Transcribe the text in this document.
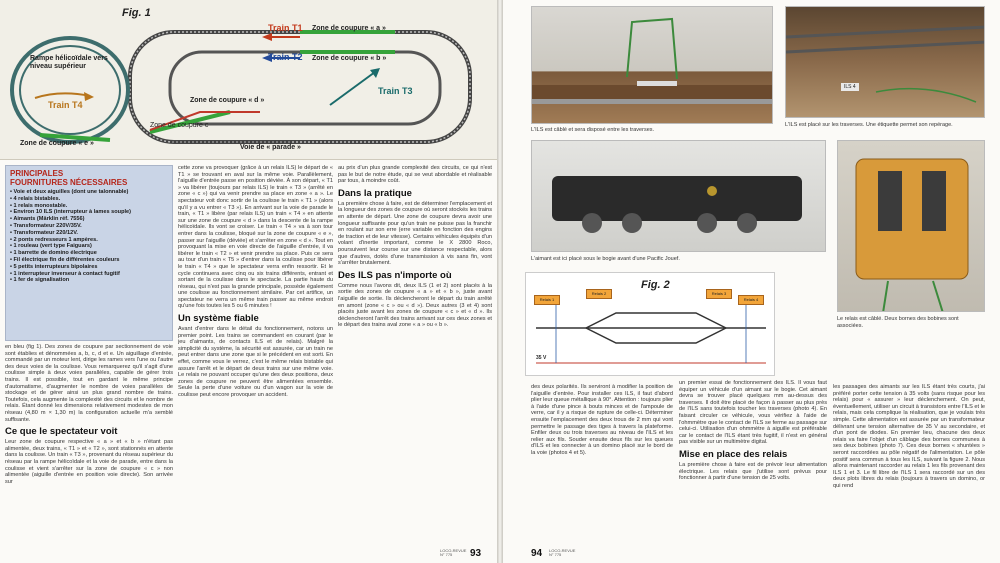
Fig. 1
Rampe hélicoïdale vers
niveau supérieur
Train T1 Zone de coupure « a »
Train T2 Zone de coupure « b »
Train T3
Train T4	Zone de coupure « d »
Zone de coupure c
Zone de coupure « e »
Voie de « parade »
PRINCIPALES
FOURNITURES NÉCESSAIRES
• Voie et deux aiguilles (dont une talonnable)
• 4 relais bistables.
• 1 relais monostable.
• Environ 10 ILS (interrupteur à lames souple)
• Aimants (Märklin réf. 7556)
• Transformateur 220V/35V.
• Transformateur 220/12V.
• 2 ponts redresseurs 1 ampères.
• 1 rouleau (vert type Faiguars)
• 1 barrette de domino électrique
• Fil électrique fin de différentes couleurs
• 5 petits interrupteurs bipolaires
• 1 interrupteur inverseur à contact fugitif
• 1 fer de signalisation

en bleu (fig 1). Des zones de coupure par sectionnement de voie sont établies et dénommées a, b, c, d et e. Un aiguillage d'entrée, commandé par un moteur lent, dirige les rames vers l'une ou l'autre des deux voies de la coulisse. Vous remarquerez qu'il s'agit d'une coulisse simple à deux voies parallèles, capable de gérer trois trains. Il est possible, tout en gardant le même principe d'automatisme, d'augmenter le nombre de voies parallèles de stockage et de gérer ainsi un plus grand nombre de trains. Toutefois, cela augmente la complexité des circuits et le nombre de relais. Étant donné les dimensions relativement modestes de mon réseau (4,80 m × 1,30 m) la configuration actuelle m'a semblé suffisante.

Ce que le spectateur voit

Leur zone de coupure respective « a » et « b » n'étant pas alimentée, deux trains, « T1 » et « T2 », sont stationnés en attente dans la coulisse. Un train « T3 », provenant du réseau supérieur du réseau par la rampe hélicoïdale et la voie de parade, entre dans la coulisse et vient s'arrêter sur la zone de coupure « c » non alimentée (aiguille d'entrée en position voie directe). Son arrivée sur

cette zone va provoquer (grâce à un relais ILS) le départ de « T1 » se trouvant en aval sur la même voie. Parallèlement, l'aiguille d'entrée passe en position déviée. À son départ, « T1 » va libérer (toujours par relais ILS) le train « T3 » (arrêté en zone « c ») qui va venir prendre sa place en zone « a ». Le spectateur voit donc sortir de la coulisse le train « T1 » (alors qu'il y a vu entrer « T3 »). En arrivant sur la voie de parade le train, « T1 » libère (par relais ILS) un train « T4 » en attente sur une zone de coupure « d » dans la descente de la rampe hélicoïdale. Ils vont se croiser. Le train « T4 » va à son tour entrer dans la coulisse, bloqué sur la zone de coupure « e », passer sur l'aiguille (déviée) et s'arrêter en zone « d ». Tout en provoquant la mise en voie directe de l'aiguille d'entrée, il va libérer le train « T2 » et venir prendre sa place. Puis ce sera au tour d'un train « T5 » d'entrer dans la coulisse pour libérer le train « T4 » que le spectateur verra enfin ressortir. Et le cycle continuera avec cinq ou six trains différents, entrant et sortant de la coulisse dans le spectacle. La partie haute du réseau, qui n'est pas la grande principale, possède également une coulisse au fonctionnement similaire. Par cet artifice, un spectateur ne verra un même train passer au même endroit qu'une fois toutes les 5 ou 6 minutes !

Un système fiable

Avant d'entrer dans le détail du fonctionnement, notons un premier point. Les trains se commandent en courant (par le jeu d'aimants, de contacts ILS et de relais). Malgré la simplicité du système, la sécurité est assurée, car un train ne peut entrer dans une zone que si le précédent en est sorti. En effet, comme vous le verrez, c'est le même relais bistable qui assure l'arrêt et le départ de deux trains sur une même voie. Le relais ne pouvant occuper qu'une des deux positions, deux zones de coupure ne peuvent être alimentées ensemble. Seule la perte d'une voiture ou d'un wagon sur la voie de coulisse peut encore provoquer un accident.

au prix d'un plus grande complexité des circuits, ce qui n'est pas le but de notre étude, qui se veut abordable et réalisable par tous, à moindre coût.

Dans la pratique

La première chose à faire, est de déterminer l'emplacement et la longueur des zones de coupure où seront stockés les trains en attente de départ. Une zone de coupure devra avoir une longueur suffisante pour qu'un train ne puisse pas la franchir en roulant sur son erre (erre variable en fonction des engins de traction et de leur vitesse). Certains véhicules équipés d'un volant d'inertie important, comme le X 2800 Roco, poursuivent leur course sur une distance respectable, alors que d'autres, dotés d'une transmission à vis sans fin, vont s'arrêter brutalement.

Des ILS pas n'importe où

Comme nous l'avons dit, deux ILS (1 et 2) sont placés à la sortie des zones de coupure « a » et « b », juste avant l'aiguille de sortie. Ils déclencheront le départ du train arrêté en amont (zone « c » ou « d »). Deux autres (3 et 4) sont placés juste avant les zones de coupure « c » et « d ». Ils déclencheront l'arrêt des trains arrivant sur ces deux zones et le départ des trains aval zone « a » ou « b ».

LOCO-REVUE
N° 775	93
L'ILS est câblé et sera disposé entre les traverses.
ILS 4
L'ILS est placé sur les traverses. Une étiquette permet son repérage.
L'aimant est ici placé sous le bogie avant d'une Pacific Jouef.
Le relais est câblé. Deux bornes des bobines sont associées.
Fig. 2
Relais 1
Relais 2	Relais 3
Relais 4
35 V

des deux polarités. Ils serviront à modifier la position de l'aiguille d'entrée. Pour installer ces ILS, il faut d'abord plier leur queue métallique à 90°. Attention : toujours plier à l'aide d'une pince à bouts minces et de l'ampoule de verre, car il y a risque de rupture de celle-ci. Déterminer ensuite l'emplacement des deux trous de 2 mm qui vont permettre le passage des tiges à travers la plateforme. Enfiler deux ou trois traverses au niveau de l'ILS et les relier aux fils. Souder ensuite deux fils sur les queues d'ILS et les connecter à un domino placé sur le bord de la voie (photos 4 et 5).

un premier essai de fonctionnement des ILS. Il vous faut équiper un véhicule d'un aimant sur le bogie. Cet aimant devra se trouver placé quelques mm au-dessus des traverses. Il doit être placé de façon à passer au plus près de l'ILS sans toutefois toucher les traverses (photo 4). En faisant circuler ce véhicule, vous vérifiez à l'aide de l'ohmmètre que le contact de l'ILS se ferme au passage sur celui-ci. Utilisation d'un ohmmètre à aiguille est préférable car le contact de l'ILS étant très fugitif, il n'est en général pas visible sur un multimètre digital.

Mise en place des relais

La première chose à faire est de prévoir leur alimentation électrique. Les relais que j'utilise sont prévus pour fonctionner à partir d'une tension de 25 volts.

les passages des aimants sur les ILS étant très courts, j'ai préféré porter cette tension à 35 volts (sans risque pour les relais) pour « assurer » leur déclenchement. On peut, éventuellement, utiliser un circuit à transistors entre l'ILS et le relais, mais cela complique la réalisation, que je voulais très simple. Cette alimentation est assurée par un transformateur délivrant une tension alternative de 35 V au secondaire, et d'un pont de diodes. En premier lieu, chacune des deux relais va faire l'objet d'un câblage des bornes communes à ses deux bobines (photo 7). Ces deux bornes « shuntées » seront raccordées au pôle négatif de l'alimentation. Le pôle positif sera commun à tous les ILS, suivant la figure 2. Nous allons maintenant raccorder au relais 1 les fils provenant des ILS 1 et 3. Le fil libre de l'ILS 1 sera raccordé sur un des deux plots libres du relais (toujours à travers un domino, or qui rend

94 LOCO-REVUE
N° 775
